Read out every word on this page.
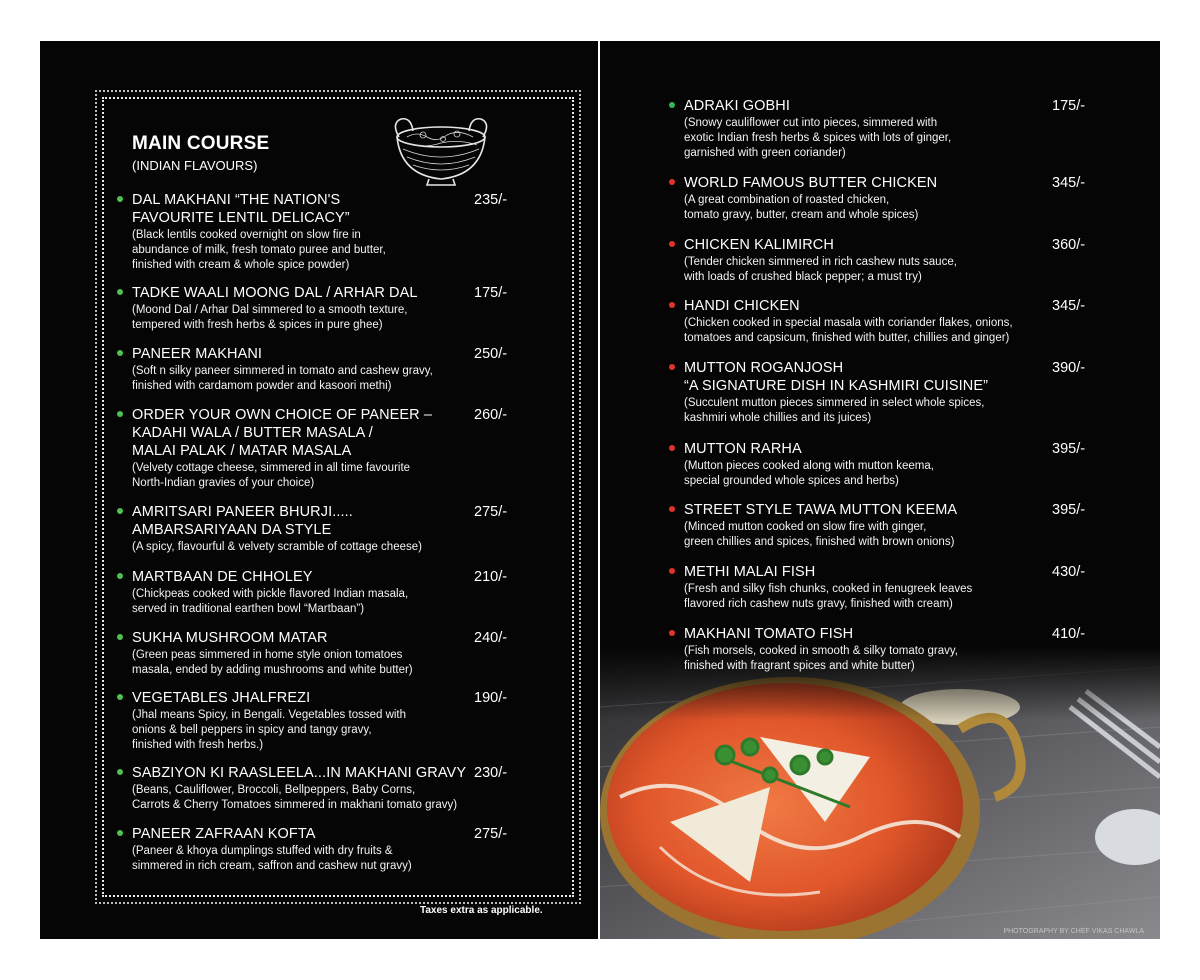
MAIN COURSE
(INDIAN FLAVOURS)
DAL MAKHANI “THE NATION'S
FAVOURITE LENTIL DELICACY”
235/-
(Black lentils cooked overnight on slow fire in
abundance of milk, fresh tomato puree and butter,
finished with cream & whole spice powder)
TADKE WAALI MOONG DAL / ARHAR DAL	175/-
(Moond Dal / Arhar Dal simmered to a smooth texture,
tempered with fresh herbs & spices in pure ghee)
PANEER MAKHANI	250/-
(Soft n silky paneer simmered in tomato and cashew gravy,
finished with cardamom powder and kasoori methi)
ORDER YOUR OWN CHOICE OF PANEER –
KADAHI WALA / BUTTER MASALA /
MALAI PALAK / MATAR MASALA
260/-
(Velvety cottage cheese, simmered in all time favourite
North-Indian gravies of your choice)
AMRITSARI PANEER BHURJI.....
AMBARSARIYAAN DA STYLE
275/-
(A spicy, flavourful & velvety scramble of cottage cheese)
MARTBAAN DE CHHOLEY	210/-
(Chickpeas cooked with pickle flavored Indian masala,
served in traditional earthen bowl “Martbaan”)
SUKHA MUSHROOM MATAR	240/-
(Green peas simmered in home style onion tomatoes
masala, ended by adding mushrooms and white butter)
VEGETABLES JHALFREZI	190/-
(Jhal means Spicy, in Bengali. Vegetables tossed with
onions & bell peppers in spicy and tangy gravy,
finished with fresh herbs.)
SABZIYON KI RAASLEELA...IN MAKHANI GRAVY 230/-
(Beans, Cauliflower, Broccoli, Bellpeppers, Baby Corns,
Carrots & Cherry Tomatoes simmered in makhani tomato gravy)
PANEER ZAFRAAN KOFTA	275/-
(Paneer & khoya dumplings stuffed with dry fruits &
simmered in rich cream, saffron and cashew nut gravy)
Taxes extra as applicable.
PHOTOGRAPHY BY CHEF VIKAS CHAWLA
ADRAKI GOBHI	175/-
(Snowy cauliflower cut into pieces, simmered with
exotic Indian fresh herbs & spices with lots of ginger,
garnished with green coriander)
WORLD FAMOUS BUTTER CHICKEN	345/-
(A great combination of roasted chicken,
tomato gravy, butter, cream and whole spices)
CHICKEN KALIMIRCH	360/-
(Tender chicken simmered in rich cashew nuts sauce,
with loads of crushed black pepper; a must try)
HANDI CHICKEN	345/-
(Chicken cooked in special masala with coriander flakes, onions,
tomatoes and capsicum, finished with butter, chillies and ginger)
MUTTON ROGANJOSH
“A SIGNATURE DISH IN KASHMIRI CUISINE”
390/-
(Succulent mutton pieces simmered in select whole spices,
kashmiri whole chillies and its juices)
MUTTON RARHA	395/-
(Mutton pieces cooked along with mutton keema,
special grounded whole spices and herbs)
STREET STYLE TAWA MUTTON KEEMA	395/-
(Minced mutton cooked on slow fire with ginger,
green chillies and spices, finished with brown onions)
METHI MALAI FISH	430/-
(Fresh and silky fish chunks, cooked in fenugreek leaves
flavored rich cashew nuts gravy, finished with cream)
MAKHANI TOMATO FISH	410/-
(Fish morsels, cooked in smooth & silky tomato gravy,
finished with fragrant spices and white butter)
